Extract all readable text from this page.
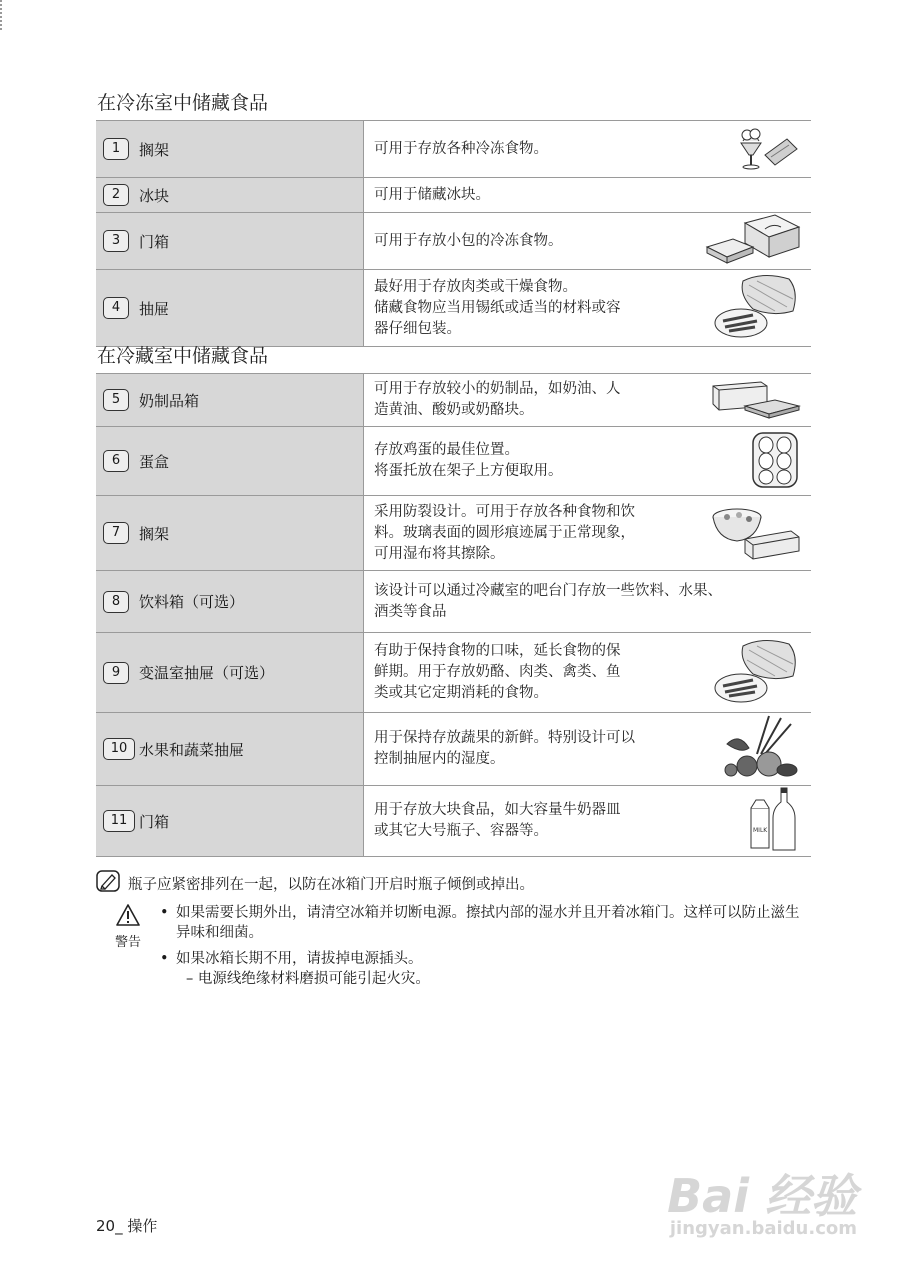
在冷冻室中储藏食品
1 搁架	可用于存放各种冷冻食物。

2 冰块	可用于储藏冰块。

3 门箱	可用于存放小包的冷冻食物。

4 抽屉	最好用于存放肉类或干燥食物。
储藏食物应当用锡纸或适当的材料或容
器仔细包装。
在冷藏室中储藏食品
5 奶制品箱	可用于存放较小的奶制品，如奶油、人
造黄油、酸奶或奶酪块。

6 蛋盒	存放鸡蛋的最佳位置。
将蛋托放在架子上方便取用。

7 搁架	采用防裂设计。可用于存放各种食物和饮
料。玻璃表面的圆形痕迹属于正常现象，
可用湿布将其擦除。

8 饮料箱（可选）	该设计可以通过冷藏室的吧台门存放一些饮料、水果、
酒类等食品

9 变温室抽屉（可选）	有助于保持食物的口味，延长食物的保
鲜期。用于存放奶酪、肉类、禽类、鱼
类或其它定期消耗的食物。

10 水果和蔬菜抽屉	用于保持存放蔬果的新鲜。特别设计可以
控制抽屉内的湿度。

11 门箱	用于存放大块食品，如大容量牛奶器皿
或其它大号瓶子、容器等。 MILK
瓶子应紧密排列在一起，以防在冰箱门开启时瓶子倾倒或掉出。
警告
• 如果需要长期外出，请清空冰箱并切断电源。擦拭内部的湿水并且开着冰箱门。这样可以防止滋生异味和细菌。
• 如果冰箱长期不用，请拔掉电源插头。
– 电源线绝缘材料磨损可能引起火灾。
20_ 操作
Bai 经验
jingyan.baidu.com
